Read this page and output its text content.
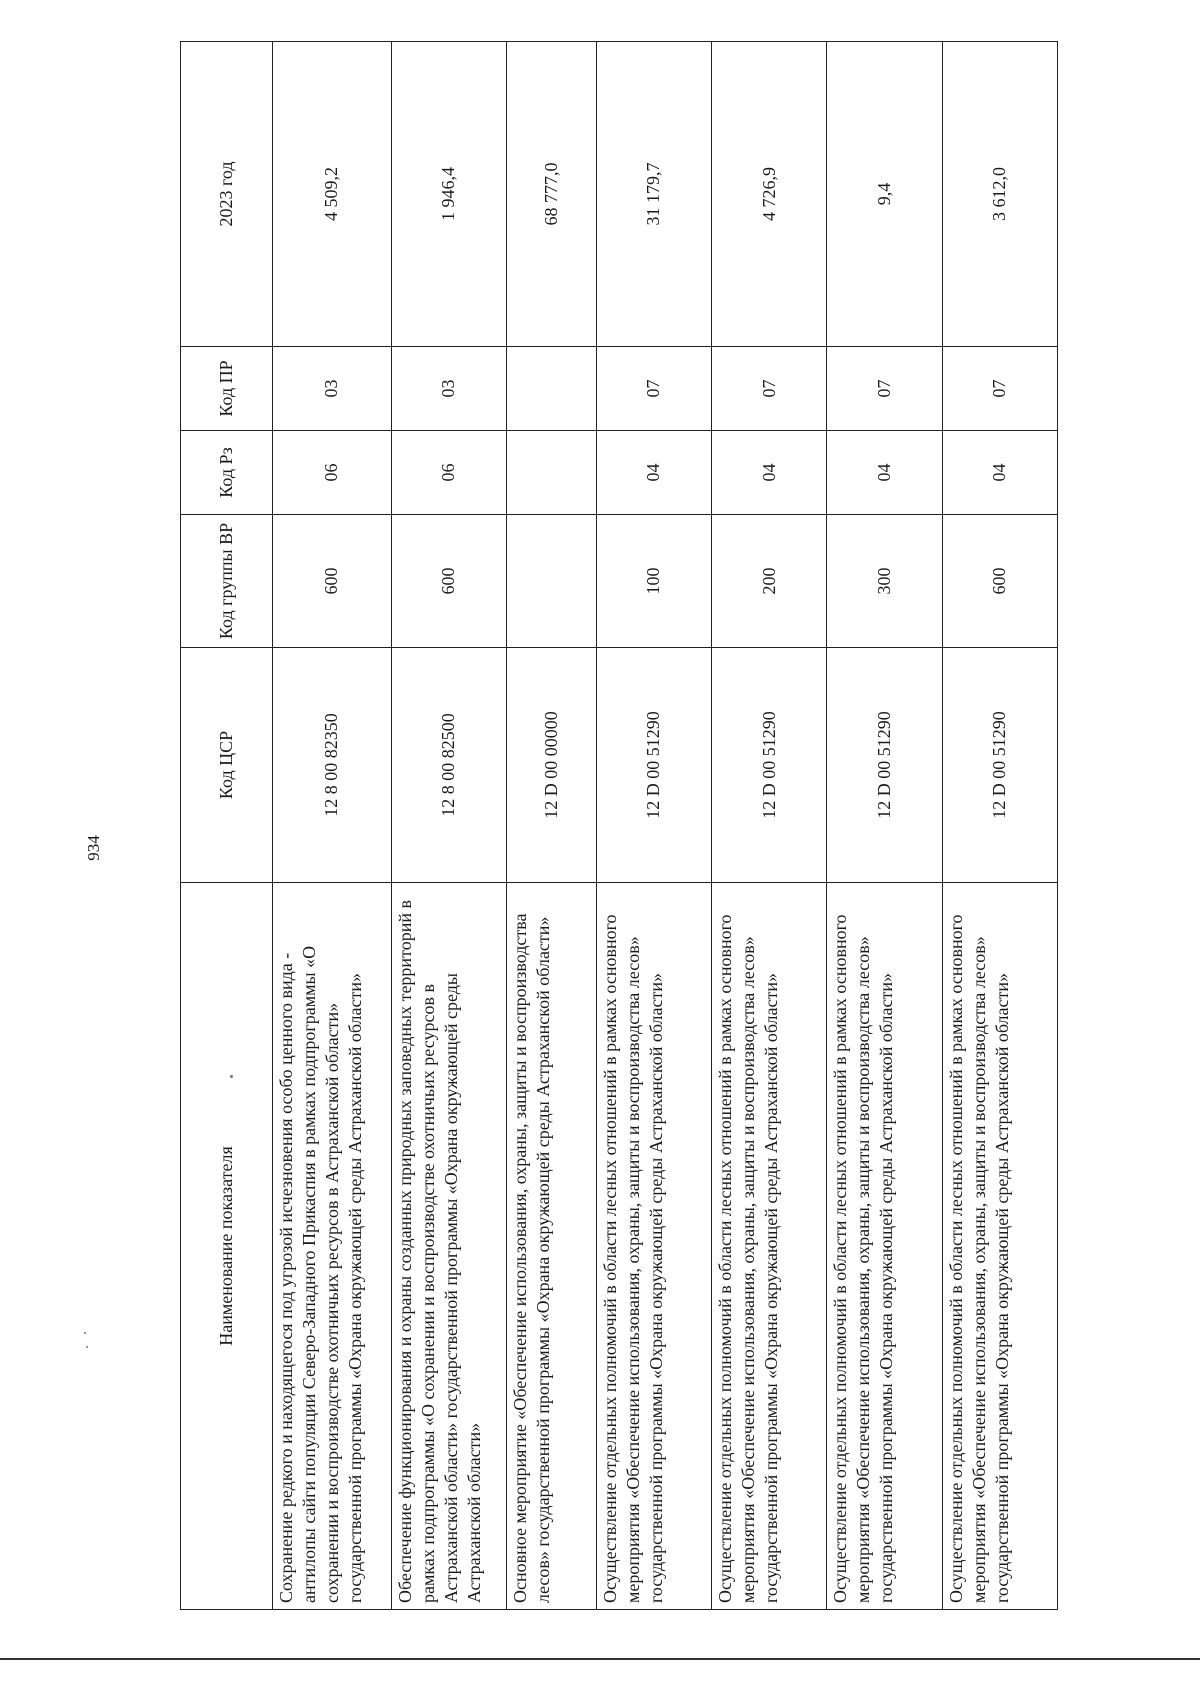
934
Наименование показателя	Код ЦСР	Код группы ВР	Код Рз	Код ПР	2023 год
Сохранение редкого и находящегося под угрозой исчезновения особо ценного вида - антилопы сайги популяции Северо-Западного Прикаспия в рамках подпрограммы «О сохранении и воспроизводстве охотничьих ресурсов в Астраханской области» государственной программы «Охрана окружающей среды Астраханской области»	12 8 00 82350	600	06	03	4 509,2
Обеспечение функционирования и охраны созданных природных заповедных территорий в рамках подпрограммы «О сохранении и воспроизводстве охотничьих ресурсов в Астраханской области» государственной программы «Охрана окружающей среды Астраханской области»	12 8 00 82500	600	06	03	1 946,4
Основное мероприятие «Обеспечение использования, охраны, защиты и воспроизводства лесов» государственной программы «Охрана окружающей среды Астраханской области»	12 D 00 00000				68 777,0
Осуществление отдельных полномочий в области лесных отношений в рамках основного мероприятия «Обеспечение использования, охраны, защиты и воспроизводства лесов» государственной программы «Охрана окружающей среды Астраханской области»	12 D 00 51290	100	04	07	31 179,7
Осуществление отдельных полномочий в области лесных отношений в рамках основного мероприятия «Обеспечение использования, охраны, защиты и воспроизводства лесов» государственной программы «Охрана окружающей среды Астраханской области»	12 D 00 51290	200	04	07	4 726,9
Осуществление отдельных полномочий в области лесных отношений в рамках основного мероприятия «Обеспечение использования, охраны, защиты и воспроизводства лесов» государственной программы «Охрана окружающей среды Астраханской области»	12 D 00 51290	300	04	07	9,4
Осуществление отдельных полномочий в области лесных отношений в рамках основного мероприятия «Обеспечение использования, охраны, защиты и воспроизводства лесов» государственной программы «Охрана окружающей среды Астраханской области»	12 D 00 51290	600	04	07	3 612,0
